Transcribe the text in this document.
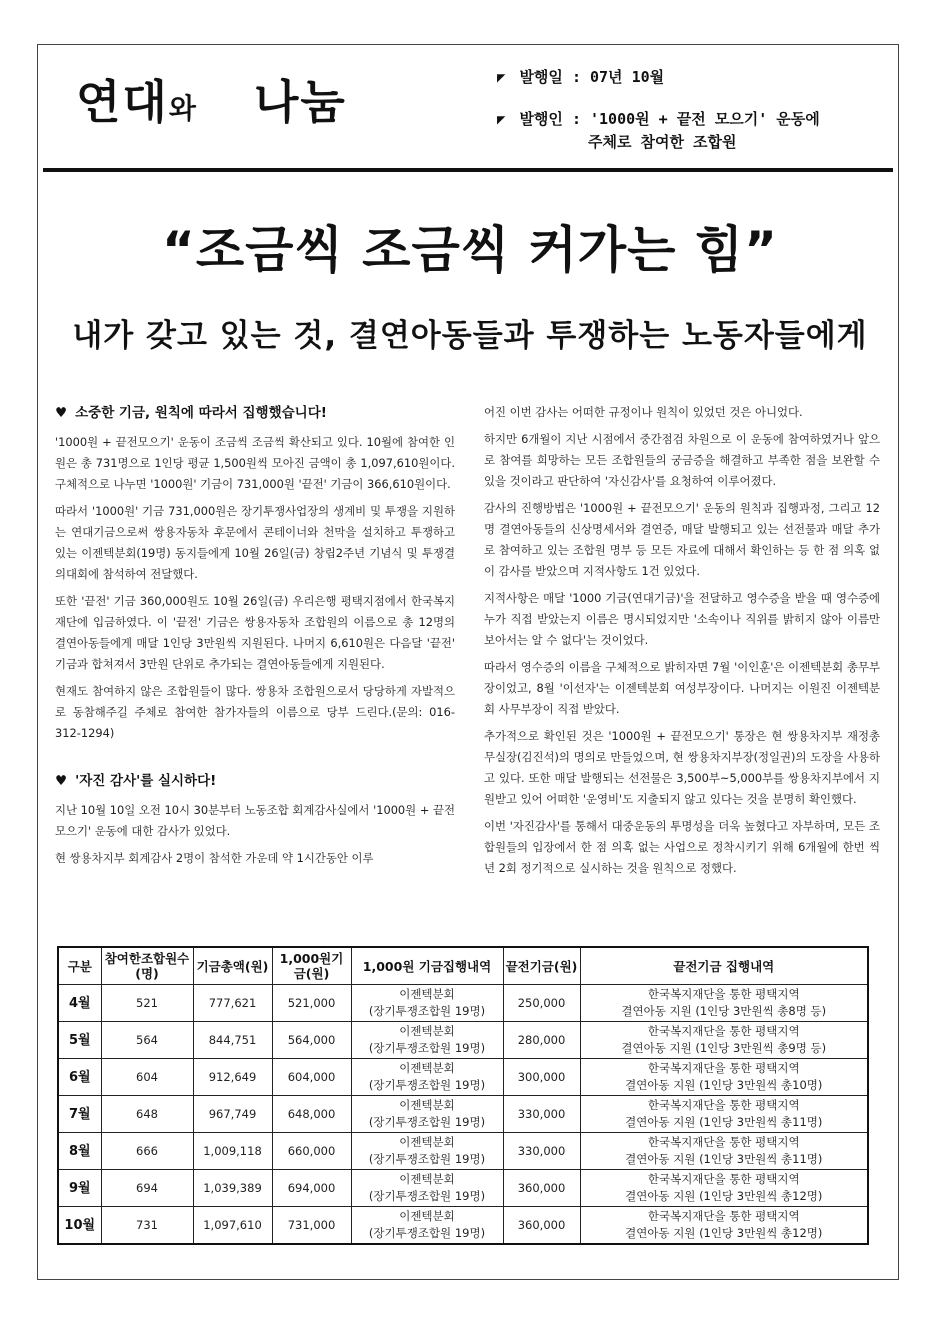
연대와 나눔	◤ 발행일 : 07년 10월
◤ 발행인 : '1000원 + 끝전 모으기' 운동에
주체로 참여한 조합원
“조금씩 조금씩 커가는 힘”
내가 갖고 있는 것, 결연아동들과 투쟁하는 노동자들에게
♥ 소중한 기금, 원칙에 따라서 집행했습니다!

'1000원 + 끝전모으기' 운동이 조금씩 조금씩 확산되고 있다. 10월에 참여한 인원은 총 731명으로 1인당 평균 1,500원씩 모아진 금액이 총 1,097,610원이다. 구체적으로 나누면 '1000원' 기금이 731,000원 '끝전' 기금이 366,610원이다.

따라서 '1000원' 기금 731,000원은 장기투쟁사업장의 생계비 및 투쟁을 지원하는 연대기금으로써 쌍용자동차 후문에서 콘테이너와 천막을 설치하고 투쟁하고 있는 이젠텍분회(19명) 동지들에게 10월 26일(금) 창립2주년 기념식 및 투쟁결의대회에 참석하여 전달했다.

또한 '끝전' 기금 360,000원도 10월 26일(금) 우리은행 평택지점에서 한국복지재단에 입금하였다. 이 '끝전' 기금은 쌍용자동차 조합원의 이름으로 총 12명의 결연아동들에게 매달 1인당 3만원씩 지원된다. 나머지 6,610원은 다음달 '끝전' 기금과 합쳐져서 3만원 단위로 추가되는 결연아동들에게 지원된다.

현재도 참여하지 않은 조합원들이 많다. 쌍용차 조합원으로서 당당하게 자발적으로 동참해주길 주체로 참여한 참가자들의 이름으로 당부 드린다.(문의: 016-312-1294)

♥ '자진 감사'를 실시하다!

지난 10월 10일 오전 10시 30분부터 노동조합 회계감사실에서 '1000원 + 끝전모으기' 운동에 대한 감사가 있었다.

현 쌍용차지부 회계감사 2명이 참석한 가운데 약 1시간동안 이루

어진 이번 감사는 어떠한 규정이나 원칙이 있었던 것은 아니었다.

하지만 6개월이 지난 시점에서 중간점검 차원으로 이 운동에 참여하였거나 앞으로 참여를 희망하는 모든 조합원들의 궁금증을 해결하고 부족한 점을 보완할 수 있을 것이라고 판단하여 '자신감사'를 요청하여 이루어졌다.

감사의 진행방법은 '1000원 + 끝전모으기' 운동의 원칙과 집행과정, 그리고 12명 결연아동들의 신상명세서와 결연증, 매달 발행되고 있는 선전물과 매달 추가로 참여하고 있는 조합원 명부 등 모든 자료에 대해서 확인하는 등 한 점 의혹 없이 감사를 받았으며 지적사항도 1건 있었다.

지적사항은 매달 '1000 기금(연대기금)'을 전달하고 영수증을 받을 때 영수증에 누가 직접 받았는지 이름은 명시되었지만 '소속이나 직위를 밝히지 않아 이름만 보아서는 알 수 없다'는 것이었다.

따라서 영수증의 이름을 구체적으로 밝히자면 7월 '이인훈'은 이젠텍분회 총무부장이었고, 8월 '이선자'는 이젠텍분회 여성부장이다. 나머지는 이원진 이젠텍분회 사무부장이 직접 받았다.

추가적으로 확인된 것은 '1000원 + 끝전모으기' 통장은 현 쌍용차지부 재정총무실장(김진석)의 명의로 만들었으며, 현 쌍용차지부장(정일권)의 도장을 사용하고 있다. 또한 매달 발행되는 선전물은 3,500부~5,000부를 쌍용차지부에서 지원받고 있어 어떠한 '운영비'도 지출되지 않고 있다는 것을 분명히 확인했다.

이번 '자진감사'를 통해서 대중운동의 투명성을 더욱 높혔다고 자부하며, 모든 조합원들의 입장에서 한 점 의혹 없는 사업으로 정착시키기 위해 6개월에 한번 씩 년 2회 정기적으로 실시하는 것을 원칙으로 정했다.

구분	참여한조합원수(명)	기금총액(원)	1,000원기금(원)	1,000원 기금집행내역	끝전기금(원)	끝전기금 집행내역
4월	521	777,621	521,000	이젠텍분회
(장기투쟁조합원 19명)	250,000	한국복지재단을 통한 평택지역
결연아동 지원 (1인당 3만원씩 총8명 등)

5월	564	844,751	564,000	이젠텍분회
(장기투쟁조합원 19명)	280,000	한국복지재단을 통한 평택지역
결연아동 지원 (1인당 3만원씩 총9명 등)

6월	604	912,649	604,000	이젠텍분회
(장기투쟁조합원 19명)	300,000	한국복지재단을 통한 평택지역
결연아동 지원 (1인당 3만원씩 총10명)

7월	648	967,749	648,000	이젠텍분회
(장기투쟁조합원 19명)	330,000	한국복지재단을 통한 평택지역
결연아동 지원 (1인당 3만원씩 총11명)

8월	666	1,009,118	660,000	이젠텍분회
(장기투쟁조합원 19명)	330,000	한국복지재단을 통한 평택지역
결연아동 지원 (1인당 3만원씩 총11명)

9월	694	1,039,389	694,000	이젠텍분회
(장기투쟁조합원 19명)	360,000	한국복지재단을 통한 평택지역
결연아동 지원 (1인당 3만원씩 총12명)

10월	731	1,097,610	731,000	이젠텍분회
(장기투쟁조합원 19명)	360,000	한국복지재단을 통한 평택지역
결연아동 지원 (1인당 3만원씩 총12명)
